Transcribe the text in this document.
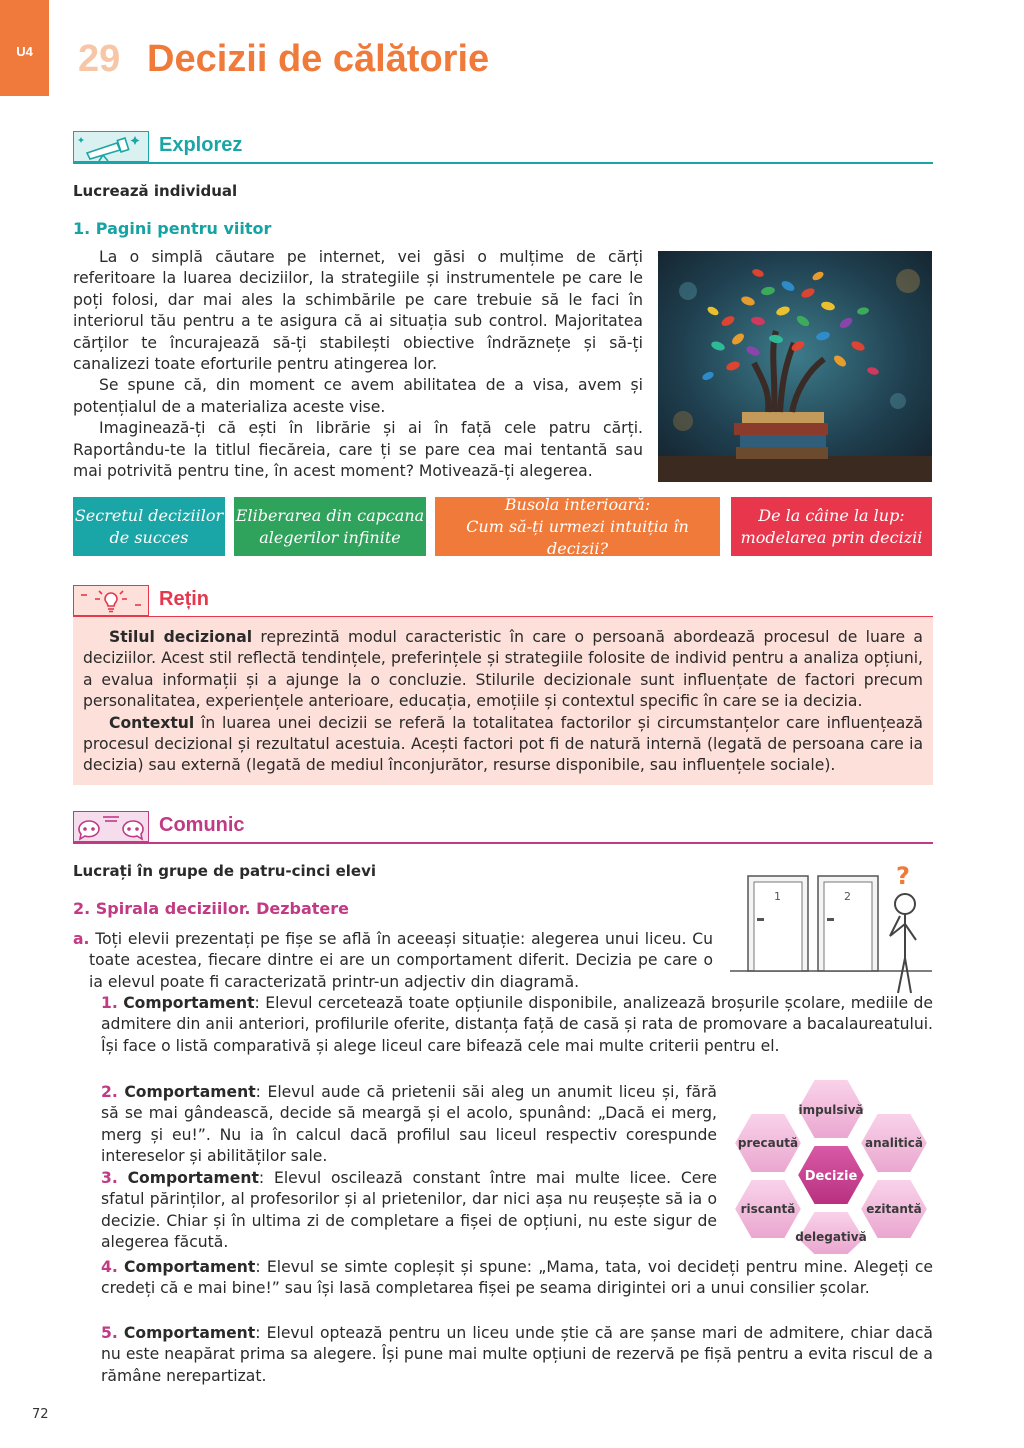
U4	29 Decizii de călătorie
Explorez
Lucrează individual
1. Pagini pentru viitor

La o simplă căutare pe internet, vei găsi o mulțime de cărți referitoare la luarea deciziilor, la strategiile și instrumentele pe care le poți folosi, dar mai ales la schimbările pe care trebuie să le faci în interiorul tău pentru a te asigura că ai situația sub control. Majoritatea cărților te încurajează să-ți stabilești obiective îndrăznețe și să-ți canalizezi toate eforturile pentru atingerea lor.

Se spune că, din moment ce avem abilitatea de a visa, avem și potențialul de a materializa aceste vise.

Imaginează-ți că ești în librărie și ai în față cele patru cărți. Raportându-te la titlul fiecăreia, care ți se pare cea mai tentantă sau mai potrivită pentru tine, în acest moment? Motivează-ți alegerea.

Secretul deciziilor
de succes
Eliberarea din capcana
alegerilor infinite
Busola interioară:
Cum să-ți urmezi intuiția în decizii?
De la câine la lup:
modelarea prin decizii
Rețin

Stilul decizional reprezintă modul caracteristic în care o persoană abordează procesul de luare a deciziilor. Acest stil reflectă tendințele, preferințele și strategiile folosite de individ pentru a analiza opțiuni, a evalua informații și a ajunge la o concluzie. Stilurile decizionale sunt influențate de factori precum personalitatea, experiențele anterioare, educația, emoțiile și contextul specific în care se ia decizia.

Contextul în luarea unei decizii se referă la totalitatea factorilor și circumstanțelor care influențează procesul decizional și rezultatul acestuia. Acești factori pot fi de natură internă (legată de persoana care ia decizia) sau externă (legată de mediul înconjurător, resurse disponibile, sau influențele sociale).

Comunic
Lucrați în grupe de patru-cinci elevi
2. Spirala deciziilor. Dezbatere
1	2
?
a. Toți elevii prezentați pe fișe se află în aceeași situație: alegerea unui liceu. Cu toate acestea, fiecare dintre ei are un comportament diferit. Decizia pe care o ia elevul poate fi caracterizată printr-un adjectiv din diagramă.

1. Comportament: Elevul cercetează toate opțiunile disponibile, analizează broșurile școlare, mediile de admitere din anii anteriori, profilurile oferite, distanța față de casă și rata de promovare a bacalaureatului. Își face o listă comparativă și alege liceul care bifează cele mai multe criterii pentru el.

2. Comportament: Elevul aude că prietenii săi aleg un anumit liceu și, fără să se mai gândească, decide să meargă și el acolo, spunând: „Dacă ei merg, merg și eu!”. Nu ia în calcul dacă profilul sau liceul respectiv corespunde intereselor și abilităților sale.

3. Comportament: Elevul oscilează constant între mai multe licee. Cere sfatul părinților, al profesorilor și al prietenilor, dar nici așa nu reușește să ia o decizie. Chiar și în ultima zi de completare a fișei de opțiuni, nu este sigur de alegerea făcută.

4. Comportament: Elevul se simte copleșit și spune: „Mama, tata, voi decideți pentru mine. Alegeți ce credeți că e mai bine!” sau își lasă completarea fișei pe seama dirigintei ori a unui consilier școlar.

5. Comportament: Elevul optează pentru un liceu unde știe că are șanse mari de admitere, chiar dacă nu este neapărat prima sa alegere. Își pune mai multe opțiuni de rezervă pe fișă pentru a evita riscul de a rămâne nerepartizat.

impulsivă
precaută	analitică
Decizie
riscantă	ezitantă
delegativă
72
